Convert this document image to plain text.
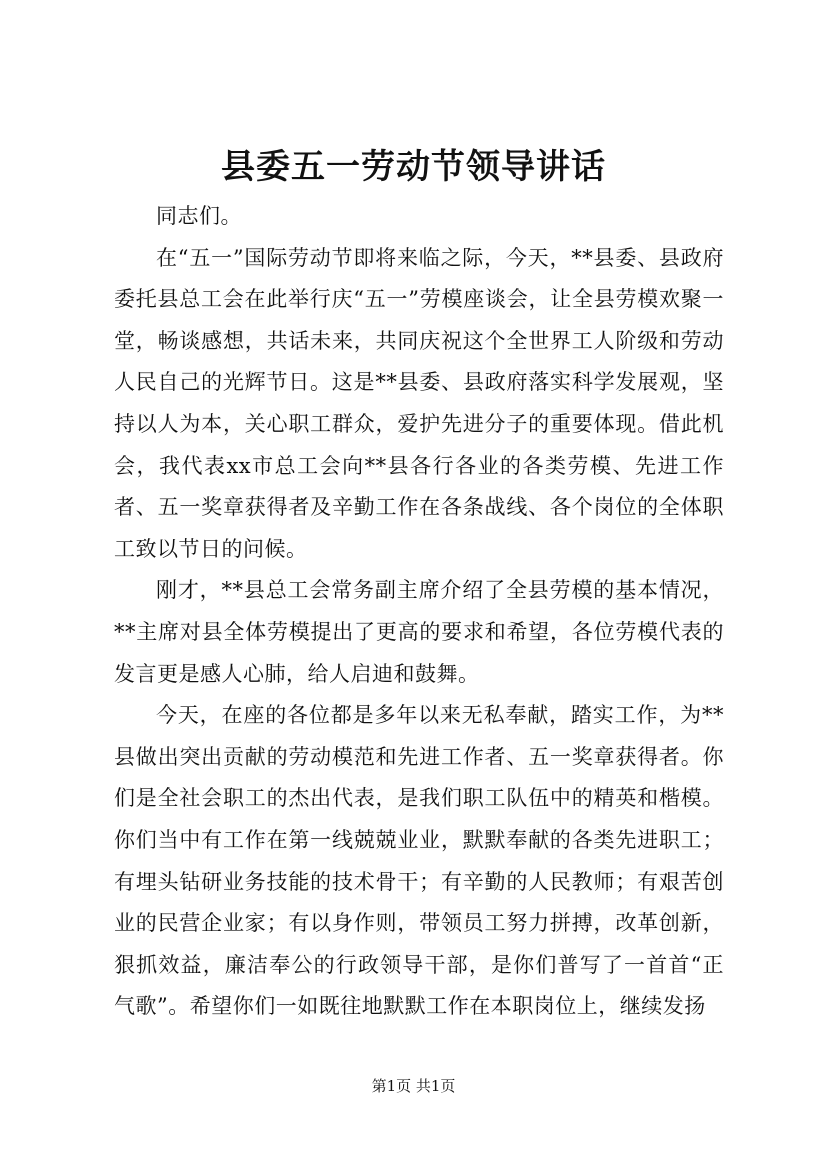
县委五一劳动节领导讲话

同志们。

在“五一”国际劳动节即将来临之际，今天，**县委、县政府委托县总工会在此举行庆“五一”劳模座谈会，让全县劳模欢聚一堂，畅谈感想，共话未来，共同庆祝这个全世界工人阶级和劳动人民自己的光辉节日。这是**县委、县政府落实科学发展观，坚持以人为本，关心职工群众，爱护先进分子的重要体现。借此机会，我代表xx市总工会向**县各行各业的各类劳模、先进工作者、五一奖章获得者及辛勤工作在各条战线、各个岗位的全体职工致以节日的问候。

刚才，**县总工会常务副主席介绍了全县劳模的基本情况，**主席对县全体劳模提出了更高的要求和希望，各位劳模代表的发言更是感人心肺，给人启迪和鼓舞。

今天，在座的各位都是多年以来无私奉献，踏实工作，为**县做出突出贡献的劳动模范和先进工作者、五一奖章获得者。你们是全社会职工的杰出代表，是我们职工队伍中的精英和楷模。你们当中有工作在第一线兢兢业业，默默奉献的各类先进职工；有埋头钻研业务技能的技术骨干；有辛勤的人民教师；有艰苦创业的民营企业家；有以身作则，带领员工努力拼搏，改革创新，狠抓效益，廉洁奉公的行政领导干部，是你们普写了一首首“正气歌”。希望你们一如既往地默默工作在本职岗位上，继续发扬

第1页 共1页
